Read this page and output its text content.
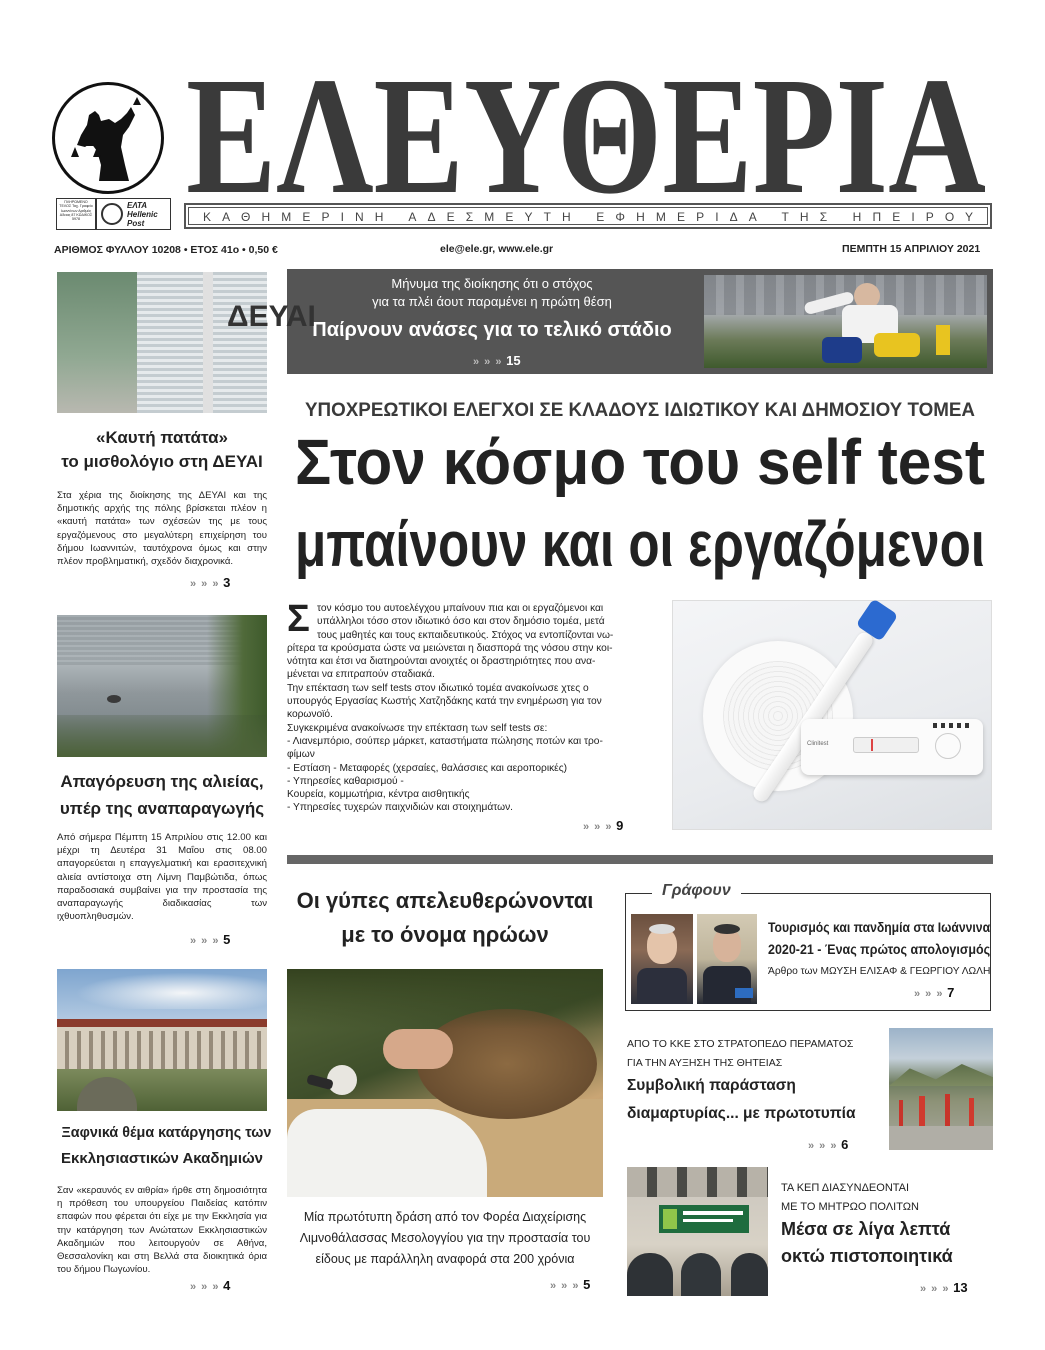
ΕΛΕΥΘΕΡΙΑ
ΠΛΗΡΩΜΕΝΟ ΤΕΛΟΣ Ταχ. Γραφείο Ιωαννίνων Αριθμός Αδειας 87 ΚΩΔΙΚΟΣ 5978
ΕΛΤΑ Hellenic Post	ΚΑΘΗΜΕΡΙΝΗ ΑΔΕΣΜΕΥΤΗ ΕΦΗΜΕΡΙΔΑ ΤΗΣ ΗΠΕΙΡΟΥ
ΑΡΙΘΜΟΣ ΦΥΛΛΟΥ 10208 • ΕΤΟΣ 41ο • 0,50 €	ele@ele.gr, www.ele.gr	ΠΕΜΠΤΗ 15 ΑΠΡΙΛΙΟΥ 2021
Μήνυμα της διοίκησης ότι ο στόχος
για τα πλέι άουτ παραμένει η πρώτη θέση
Παίρνουν ανάσες για το τελικό στάδιο
» » » 15
ΥΠΟΧΡΕΩΤΙΚΟΙ ΕΛΕΓΧΟΙ ΣΕ ΚΛΑΔΟΥΣ ΙΔΙΩΤΙΚΟΥ ΚΑΙ ΔΗΜΟΣΙΟΥ ΤΟΜΕΑ
Στον κόσμο του self test
μπαίνουν και οι εργαζόμενοι
Σ τον κόσμο του αυτοελέγχου μπαίνουν πια και οι εργαζόμενοι και
υπάλληλοι τόσο στον ιδιωτικό όσο και στον δημόσιο τομέα, μετά
τους μαθητές και τους εκπαιδευτικούς. Στόχος να εντοπίζονται νω-
ρίτερα τα κρούσματα ώστε να μειώνεται η διασπορά της νόσου στην κοι-
νότητα και έτσι να διατηρούνται ανοιχτές οι δραστηριότητες που ανα-
μένεται να επιτραπούν σταδιακά.
Την επέκταση των self tests στον ιδιωτικό τομέα ανακοίνωσε χτες ο
υπουργός Εργασίας Κωστής Χατζηδάκης κατά την ενημέρωση για τον
κορωνοϊό.
Συγκεκριμένα ανακοίνωσε την επέκταση των self tests σε:
- Λιανεμπόριο, σούπερ μάρκετ, καταστήματα πώλησης ποτών και τρο-
φίμων
- Εστίαση - Μεταφορές (χερσαίες, θαλάσσιες και αεροπορικές)
- Υπηρεσίες καθαρισμού -
Κουρεία, κομμωτήρια, κέντρα αισθητικής
- Υπηρεσίες τυχερών παιχνιδιών και στοιχημάτων.
» » » 9
Clinitest
ΔΕΥΑΙ
«Καυτή πατάτα»
το μισθολόγιο στη ΔΕΥΑΙ
Στα χέρια της διοίκησης της ΔΕΥΑΙ και της δημοτικής αρχής της πόλης βρίσκεται πλέον η «καυτή πατάτα» των σχέσεών της με τους εργαζόμενους στο μεγαλύτερη επιχείρηση του δήμου Ιωαννιτών, ταυτόχρονα όμως και στην πλέον προβληματική, σχεδόν διαχρονικά.
» » » 3
Απαγόρευση της αλιείας,
υπέρ της αναπαραγωγής
Από σήμερα Πέμπτη 15 Απριλίου στις 12.00 και μέχρι τη Δευτέρα 31 Μαΐου στις 08.00 απαγορεύεται η επαγγελματική και ερασιτεχνική αλιεία αντίστοιχα στη Λίμνη Παμβώτιδα, όπως παραδοσιακά συμβαίνει για την προστασία της αναπαραγωγής διαδικασίας των ιχθυοπληθυσμών.
» » » 5
Ξαφνικά θέμα κατάργησης των
Εκκλησιαστικών Ακαδημιών
Σαν «κεραυνός εν αιθρία» ήρθε στη δημοσιότητα η πρόθεση του υπουργείου Παιδείας κατόπιν επαφών που φέρεται ότι είχε με την Εκκλησία για την κατάργηση των Ανώτατων Εκκλησιαστικών Ακαδημιών που λειτουργούν σε Αθήνα, Θεσσαλονίκη και στη Βελλά στα διοικητικά όρια του δήμου Πωγωνίου.
» » » 4
Οι γύπες απελευθερώνονται
με το όνομα ηρώων
Μία πρωτότυπη δράση από τον Φορέα Διαχείρισης
Λιμνοθάλασσας Μεσολογγίου για την προστασία του
είδους με παράλληλη αναφορά στα 200 χρόνια
» » » 5
Γράφουν
Τουρισμός και πανδημία στα Ιωάννινα
2020-21 - Ένας πρώτος απολογισμός
Άρθρο των ΜΩΥΣΗ ΕΛΙΣΑΦ & ΓΕΩΡΓΙΟΥ ΛΩΛΗ
» » » 7
ΑΠΟ ΤΟ ΚΚΕ ΣΤΟ ΣΤΡΑΤΟΠΕΔΟ ΠΕΡΑΜΑΤΟΣ
ΓΙΑ ΤΗΝ ΑΥΞΗΣΗ ΤΗΣ ΘΗΤΕΙΑΣ
Συμβολική παράσταση
διαμαρτυρίας... με πρωτοτυπία
» » » 6
ΤΑ ΚΕΠ ΔΙΑΣΥΝΔΕΟΝΤΑΙ
ΜΕ ΤΟ ΜΗΤΡΩΟ ΠΟΛΙΤΩΝ
Μέσα σε λίγα λεπτά
οκτώ πιστοποιητικά
» » » 13
